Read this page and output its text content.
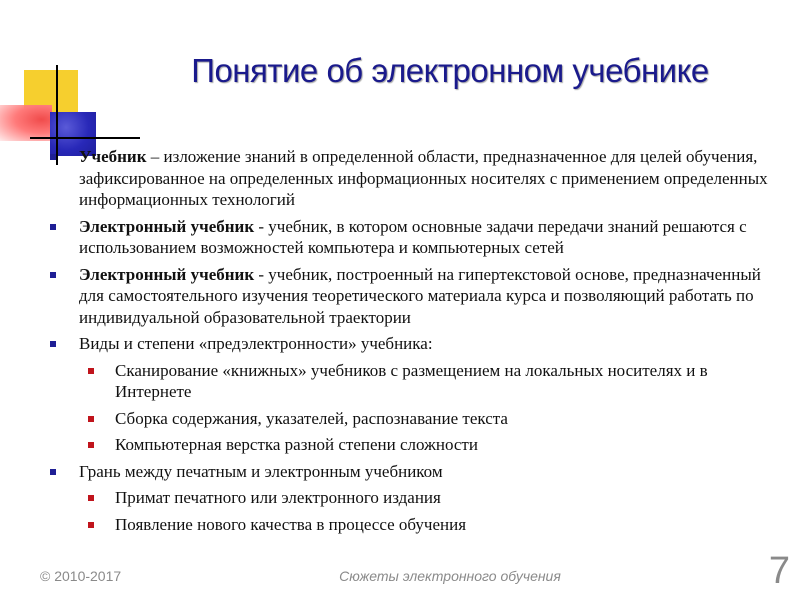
Понятие об электронном учебнике
Учебник – изложение знаний в определенной области, предназначенное для целей обучения, зафиксированное на определенных информационных носителях с применением определенных информационных технологий
Электронный учебник - учебник, в котором основные задачи передачи знаний решаются с использованием возможностей компьютера и компьютерных сетей
Электронный учебник - учебник, построенный на гипертекстовой основе, предназначенный для самостоятельного изучения теоретического материала курса и позволяющий работать по индивидуальной образовательной траектории
Виды и степени «предэлектронности» учебника:
Сканирование «книжных» учебников с размещением на локальных носителях и в Интернете
Сборка содержания, указателей, распознавание текста
Компьютерная верстка разной степени сложности
Грань между печатным и электронным учебником
Примат печатного или электронного издания
Появление нового качества в процессе обучения
© 2010-2017	Сюжеты электронного обучения	7
